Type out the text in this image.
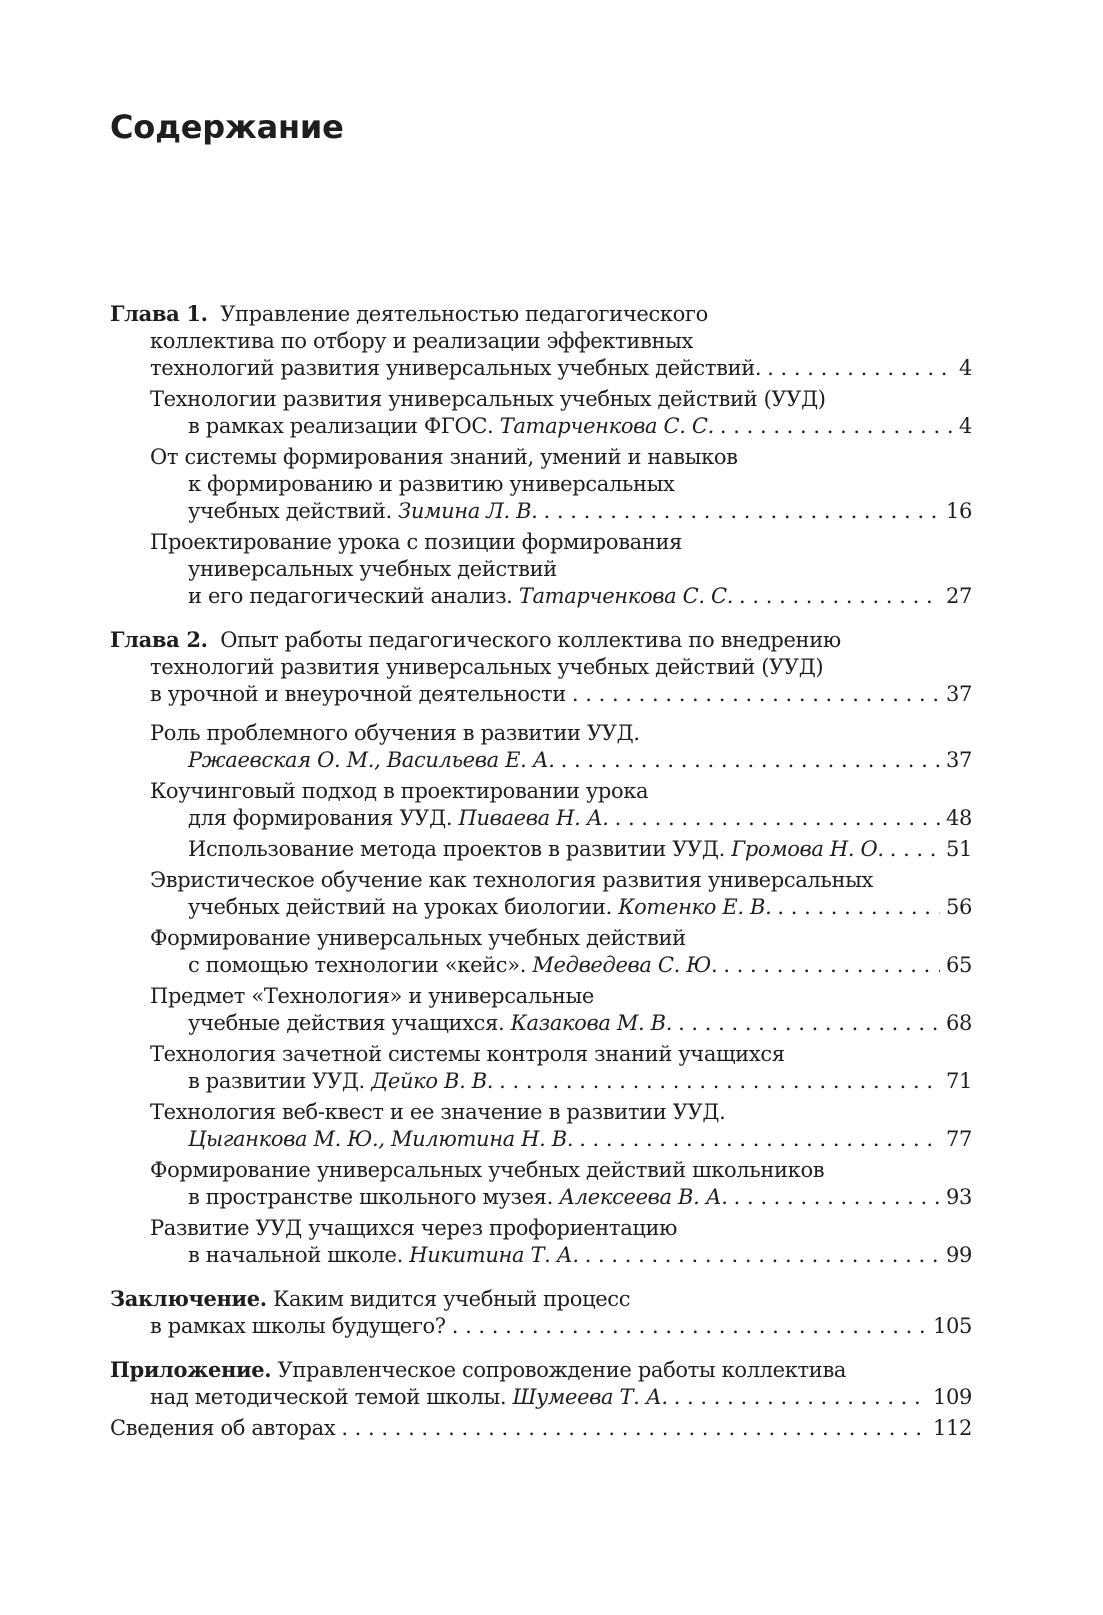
Содержание
Глава 1. Управление деятельностью педагогического
коллектива по отбору и реализации эффективных
технологий развития универсальных учебных действий. . . .	4
Технологии развития универсальных учебных действий (УУД)
в рамках реализации ФГОС. Татарченкова С. С. . . .	4
От системы формирования знаний, умений и навыков
к формированию и развитию универсальных
учебных действий. Зимина Л. В. . . .	16
Проектирование урока с позиции формирования
универсальных учебных действий
и его педагогический анализ. Татарченкова С. С. . . .	27
Глава 2. Опыт работы педагогического коллектива по внедрению
технологий развития универсальных учебных действий (УУД)
в урочной и внеурочной деятельности . . .	37
Роль проблемного обучения в развитии УУД.
Ржаевская О. М., Васильева Е. А. . . .	37
Коучинговый подход в проектировании урока
для формирования УУД. Пиваева Н. А. . . .	48
Использование метода проектов в развитии УУД. Громова Н. О. . . .	51
Эвристическое обучение как технология развития универсальных
учебных действий на уроках биологии. Котенко Е. В. . . .	56
Формирование универсальных учебных действий
с помощью технологии «кейс». Медведева С. Ю. . . .	65
Предмет «Технология» и универсальные
учебные действия учащихся. Казакова М. В. . . .	68
Технология зачетной системы контроля знаний учащихся
в развитии УУД. Дейко В. В. . . .	71
Технология веб-квест и ее значение в развитии УУД.
Цыганкова М. Ю., Милютина Н. В. . . .	77
Формирование универсальных учебных действий школьников
в пространстве школьного музея. Алексеева В. А. . . .	93
Развитие УУД учащихся через профориентацию
в начальной школе. Никитина Т. А. . . .	99
Заключение. Каким видится учебный процесс
в рамках школы будущего? . . .	105
Приложение. Управленческое сопровождение работы коллектива
над методической темой школы. Шумеева Т. А. . . .	109
Сведения об авторах . . .	112
